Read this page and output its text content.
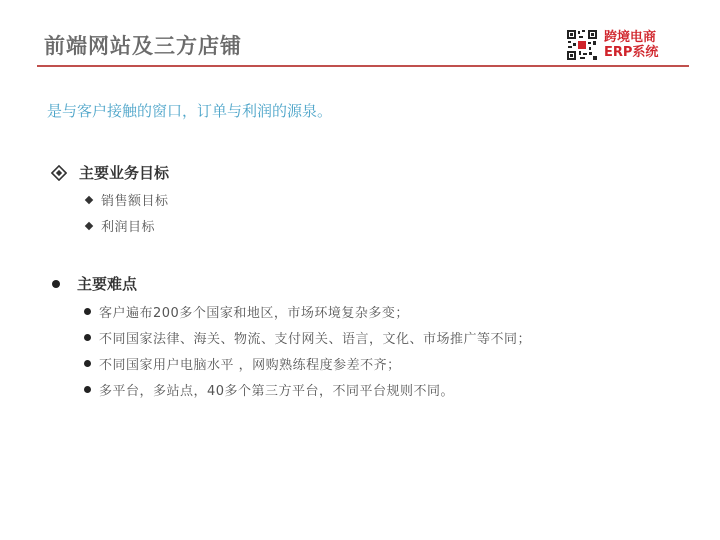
前端网站及三方店铺	跨境电商
ERP系统
是与客户接触的窗口，订单与利润的源泉。
主要业务目标
销售额目标
利润目标
主要难点
客户遍布200多个国家和地区，市场环境复杂多变；
不同国家法律、海关、物流、支付网关、语言，文化、市场推广等不同；
不同国家用户电脑水平 ，网购熟练程度参差不齐；
多平台，多站点，40多个第三方平台，不同平台规则不同。
